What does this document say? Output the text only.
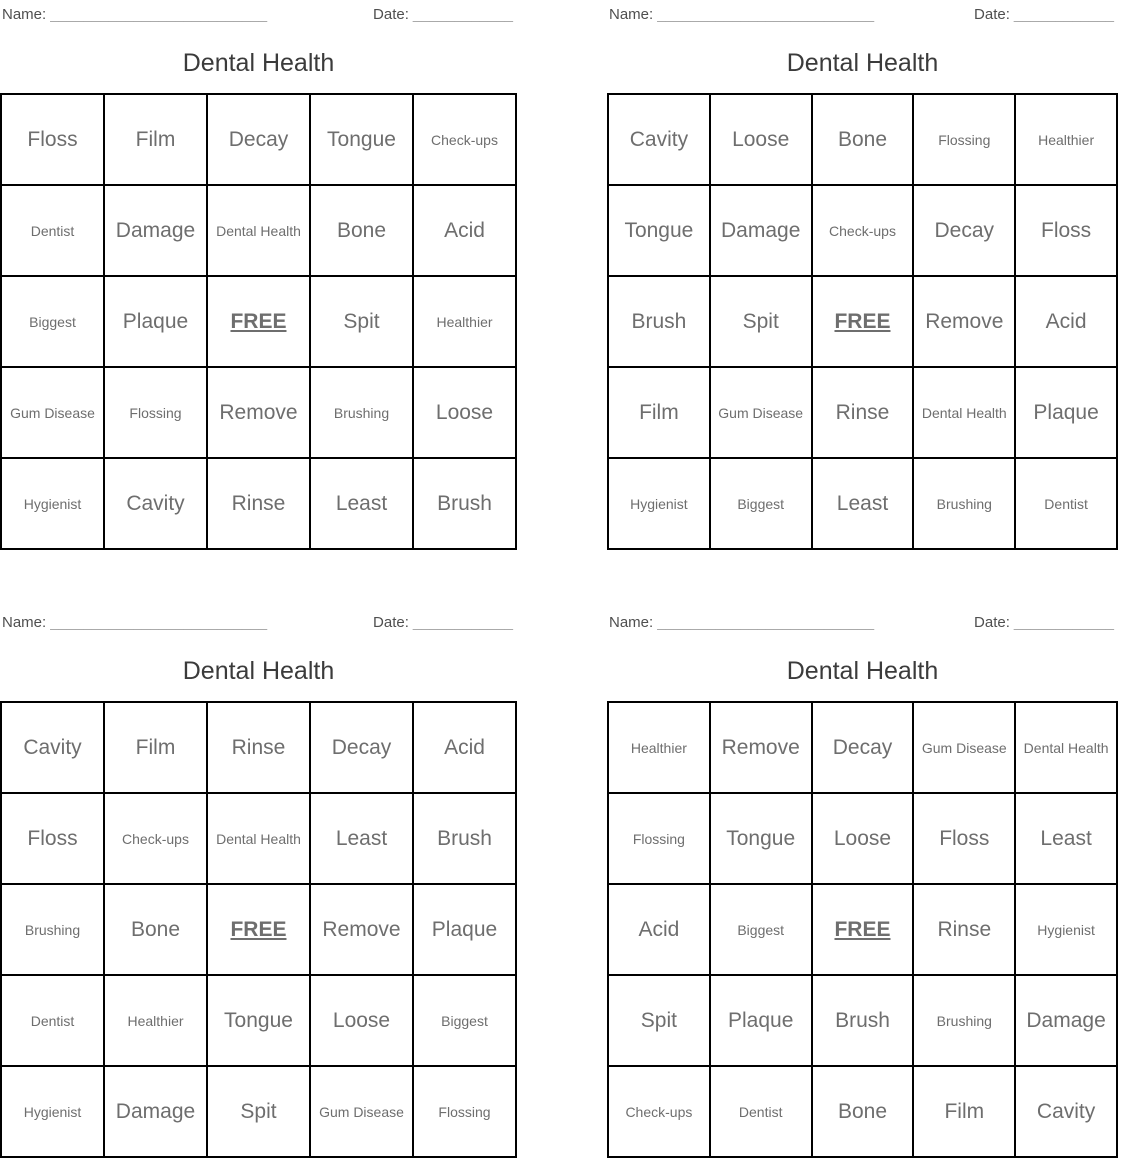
Name: __________________________	Date: ____________
Dental Health
Floss	Film	Decay	Tongue	Check-ups
Dentist	Damage	Dental Health	Bone	Acid
Biggest	Plaque	FREE	Spit	Healthier
Gum Disease	Flossing	Remove	Brushing	Loose
Hygienist	Cavity	Rinse	Least	Brush
Name: __________________________	Date: ____________
Dental Health
Cavity	Loose	Bone	Flossing	Healthier
Tongue	Damage	Check-ups	Decay	Floss
Brush	Spit	FREE	Remove	Acid
Film	Gum Disease	Rinse	Dental Health	Plaque
Hygienist	Biggest	Least	Brushing	Dentist
Name: __________________________	Date: ____________
Dental Health
Cavity	Film	Rinse	Decay	Acid
Floss	Check-ups	Dental Health	Least	Brush
Brushing	Bone	FREE	Remove	Plaque
Dentist	Healthier	Tongue	Loose	Biggest
Hygienist	Damage	Spit	Gum Disease	Flossing
Name: __________________________	Date: ____________
Dental Health
Healthier	Remove	Decay	Gum Disease	Dental Health
Flossing	Tongue	Loose	Floss	Least
Acid	Biggest	FREE	Rinse	Hygienist
Spit	Plaque	Brush	Brushing	Damage
Check-ups	Dentist	Bone	Film	Cavity
